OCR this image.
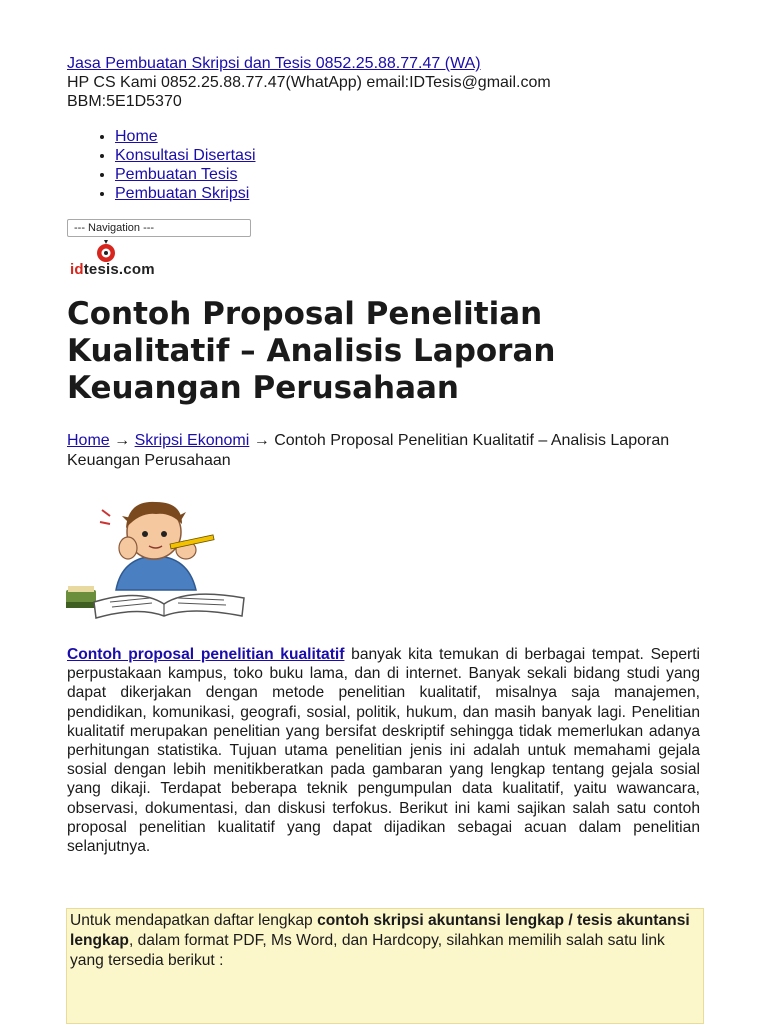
Jasa Pembuatan Skripsi dan Tesis 0852.25.88.77.47 (WA)
HP CS Kami 0852.25.88.77.47(WhatApp) email:IDTesis@gmail.com
BBM:5E1D5370
• Home
• Konsultasi Disertasi
• Pembuatan Tesis
• Pembuatan Skripsi
--- Navigation ---
idtesis.com
Contoh Proposal Penelitian Kualitatif – Analisis Laporan Keuangan Perusahaan
Home → Skripsi Ekonomi → Contoh Proposal Penelitian Kualitatif – Analisis Laporan Keuangan Perusahaan

Contoh proposal penelitian kualitatif banyak kita temukan di berbagai tempat. Seperti perpustakaan kampus, toko buku lama, dan di internet. Banyak sekali bidang studi yang dapat dikerjakan dengan metode penelitian kualitatif, misalnya saja manajemen, pendidikan, komunikasi, geografi, sosial, politik, hukum, dan masih banyak lagi. Penelitian kualitatif merupakan penelitian yang bersifat deskriptif sehingga tidak memerlukan adanya perhitungan statistika. Tujuan utama penelitian jenis ini adalah untuk memahami gejala sosial dengan lebih menitikberatkan pada gambaran yang lengkap tentang gejala sosial yang dikaji. Terdapat beberapa teknik pengumpulan data kualitatif, yaitu wawancara, observasi, dokumentasi, dan diskusi terfokus. Berikut ini kami sajikan salah satu contoh proposal penelitian kualitatif yang dapat dijadikan sebagai acuan dalam penelitian selanjutnya.

Untuk mendapatkan daftar lengkap contoh skripsi akuntansi lengkap / tesis akuntansi lengkap, dalam format PDF, Ms Word, dan Hardcopy, silahkan memilih salah satu link yang tersedia berikut :
